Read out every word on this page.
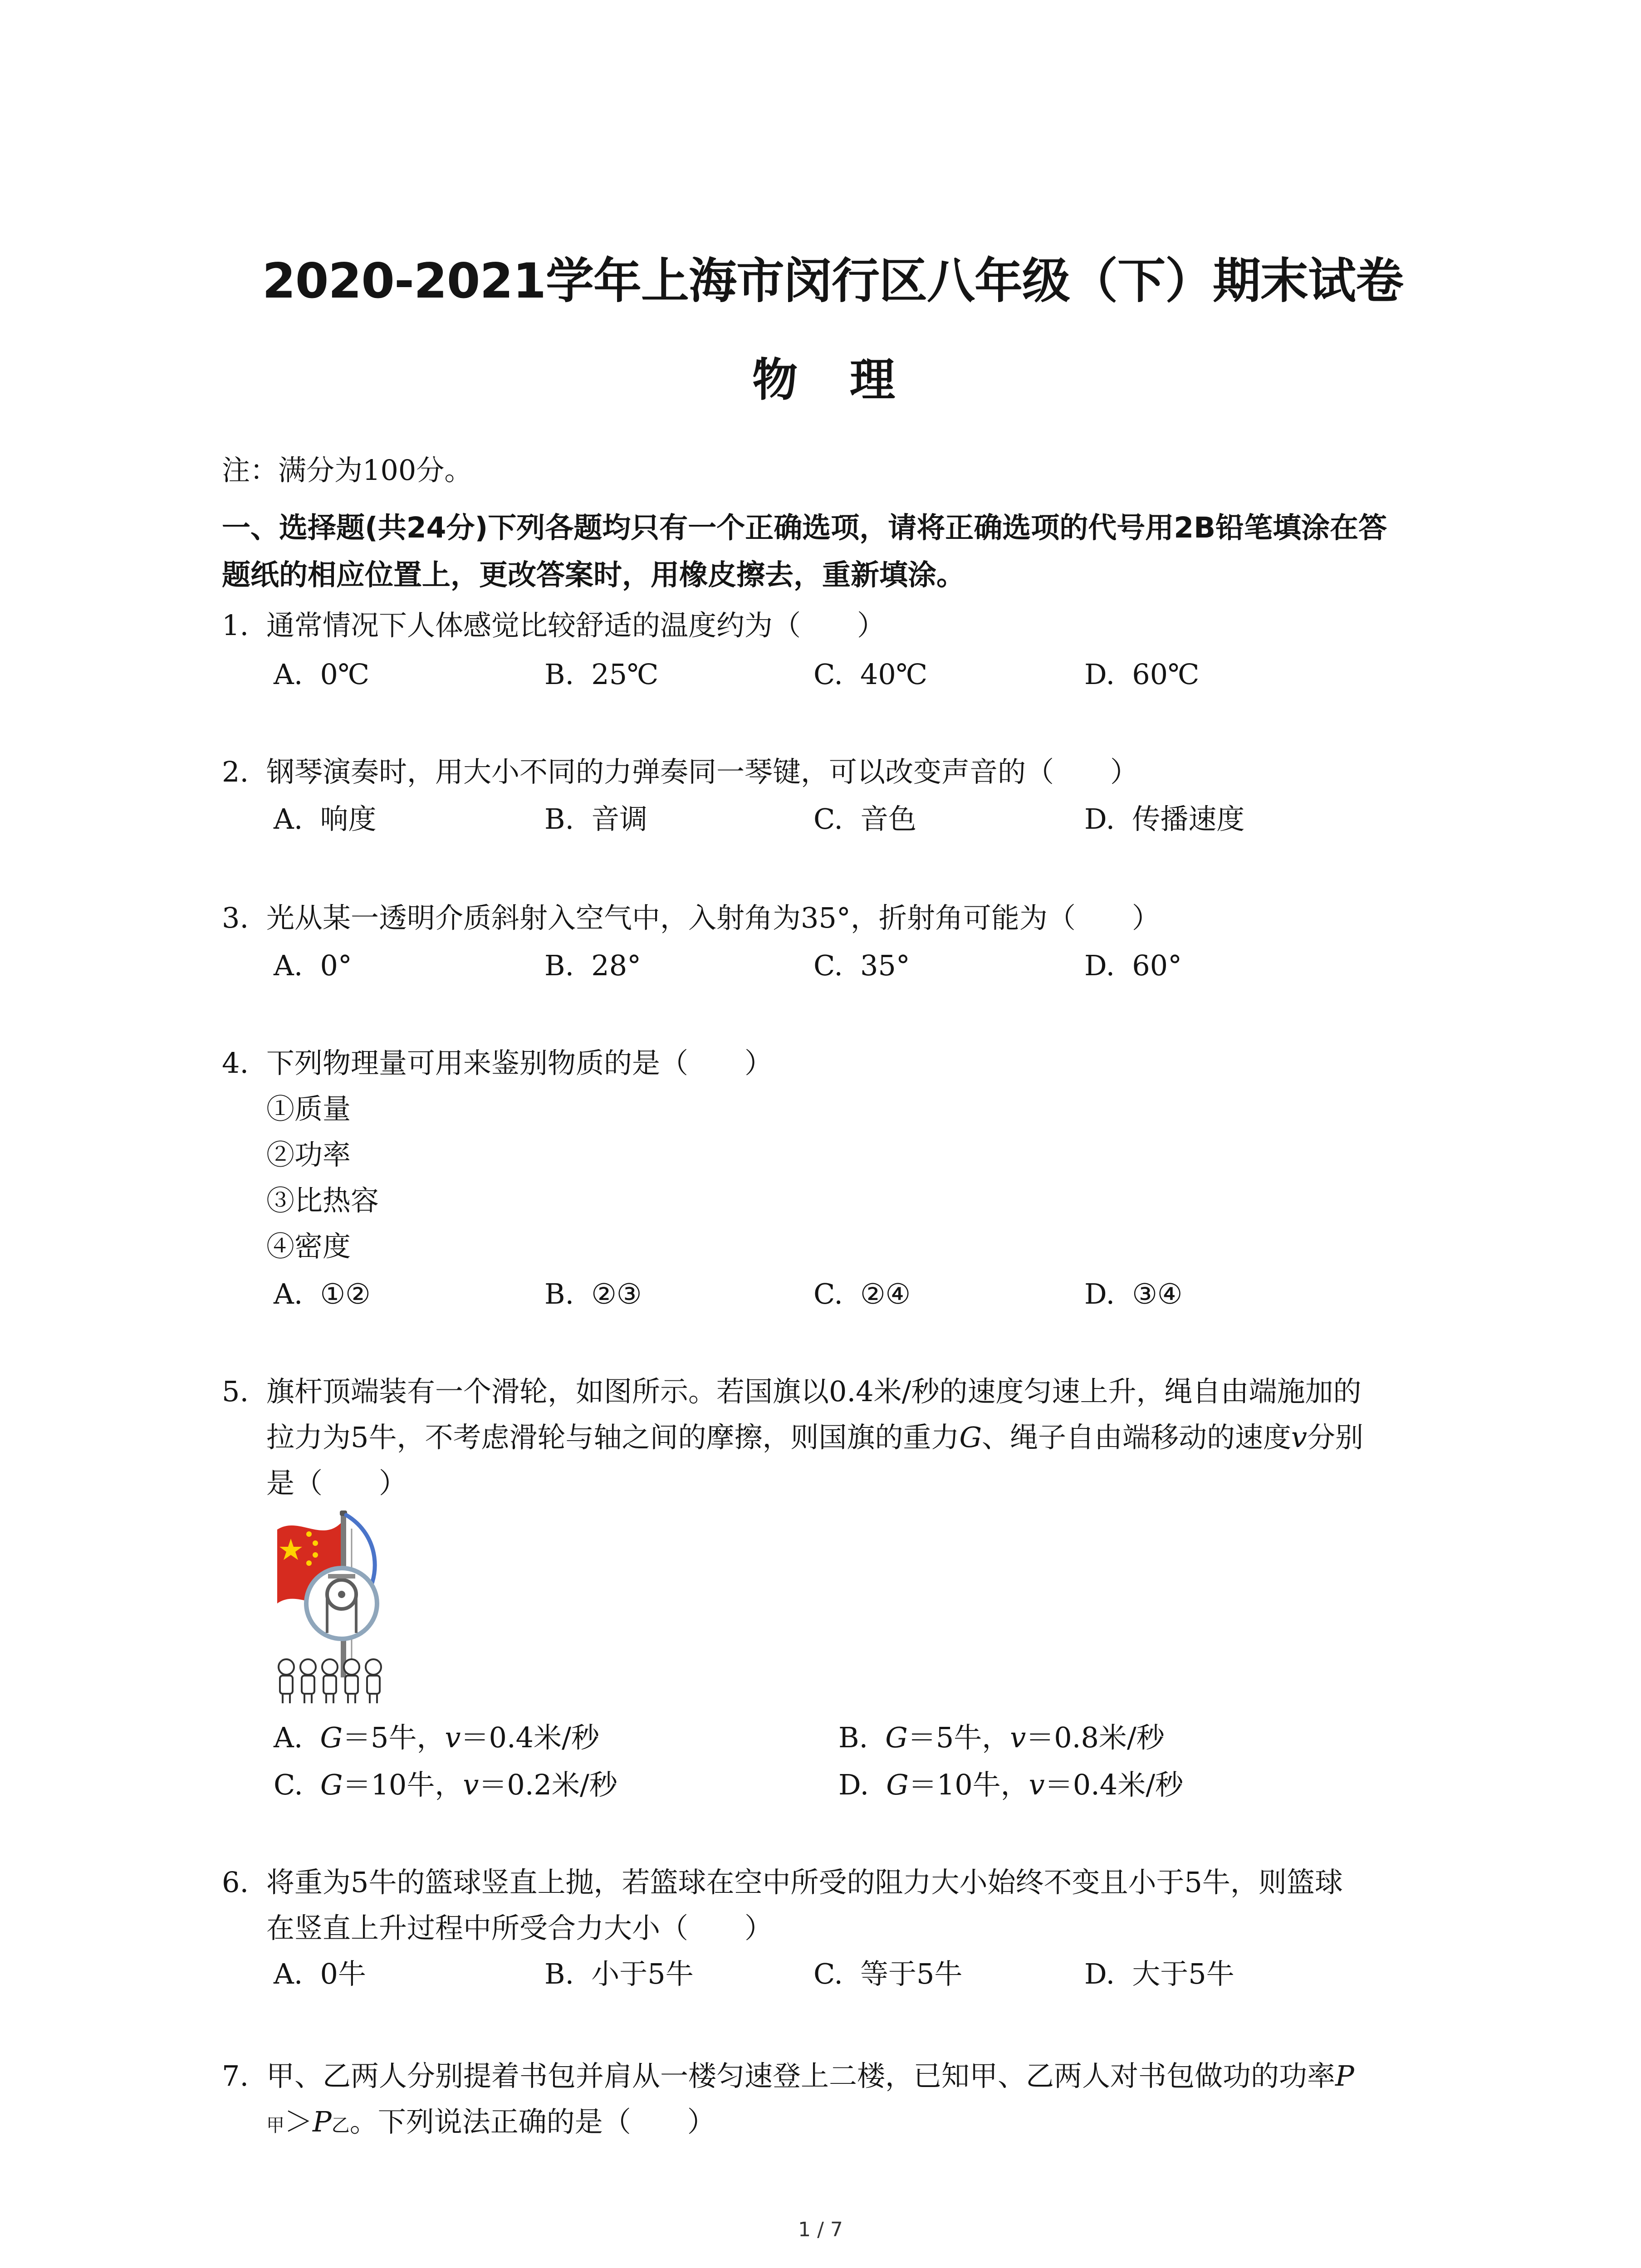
2020-2021学年上海市闵行区八年级（下）期末试卷
物 理
注：满分为100分。
一、选择题(共24分)下列各题均只有一个正确选项，请将正确选项的代号用2B铅笔填涂在答
题纸的相应位置上，更改答案时，用橡皮擦去，重新填涂。
1. 通常情况下人体感觉比较舒适的温度约为（　　）
A. 0℃	B. 25℃	C. 40℃	D. 60℃
2. 钢琴演奏时，用大小不同的力弹奏同一琴键，可以改变声音的（　　）
A. 响度	B. 音调	C. 音色	D. 传播速度
3. 光从某一透明介质斜射入空气中，入射角为35°，折射角可能为（　　）
A. 0°	B. 28°	C. 35°	D. 60°
4. 下列物理量可用来鉴别物质的是（　　）
①质量
②功率
③比热容
④密度
A. ①②	B. ②③	C. ②④	D. ③④
5. 旗杆顶端装有一个滑轮，如图所示。若国旗以0.4米/秒的速度匀速上升，绳自由端施加的
拉力为5牛，不考虑滑轮与轴之间的摩擦，则国旗的重力G、绳子自由端移动的速度v分别
是（　　）
A. G＝5牛，v＝0.4米/秒	B. G＝5牛，v＝0.8米/秒
C. G＝10牛，v＝0.2米/秒	D. G＝10牛，v＝0.4米/秒
6. 将重为5牛的篮球竖直上抛，若篮球在空中所受的阻力大小始终不变且小于5牛，则篮球
在竖直上升过程中所受合力大小（　　）
A. 0牛	B. 小于5牛	C. 等于5牛	D. 大于5牛
7. 甲、乙两人分别提着书包并肩从一楼匀速登上二楼，已知甲、乙两人对书包做功的功率P
甲＞P乙。下列说法正确的是（　　）
1 / 7
